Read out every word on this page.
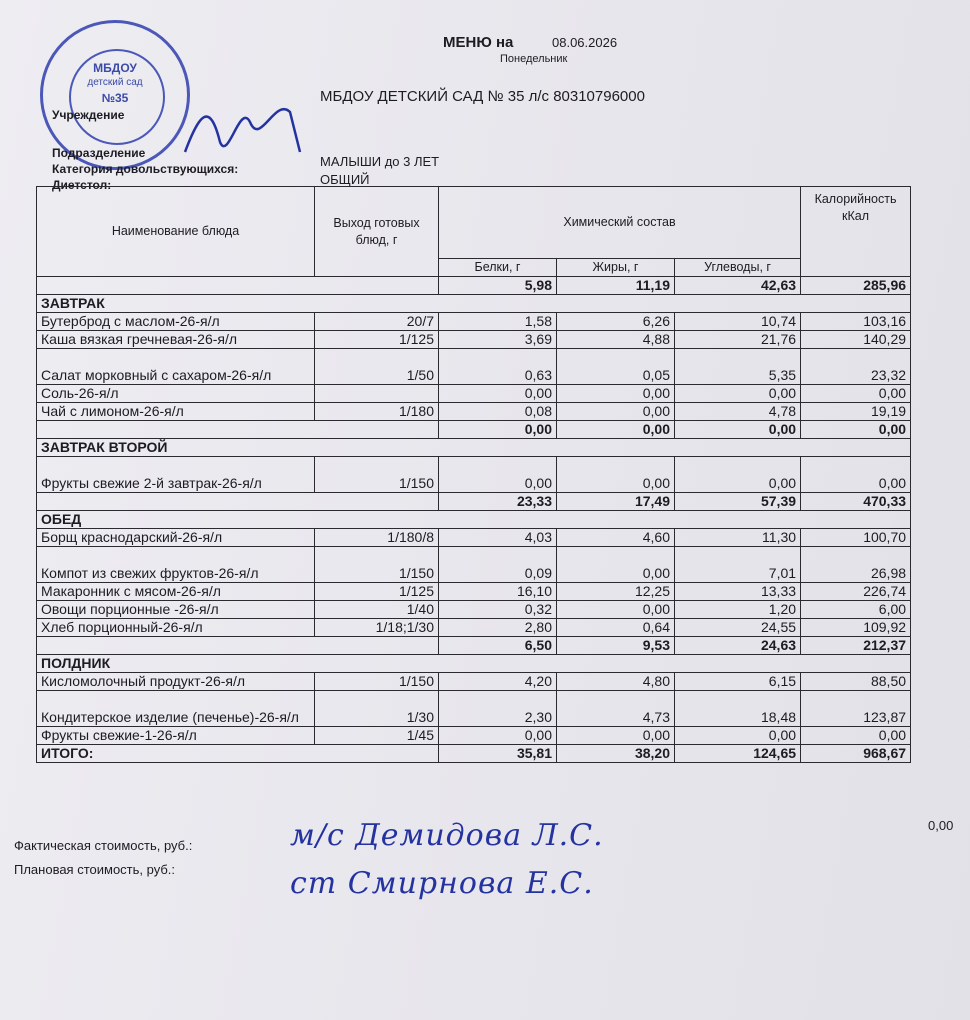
МБДОУ
детский сад
№35
МЕНЮ на	08.06.2026
Понедельник
Учреждение
МБДОУ ДЕТСКИЙ САД № 35 л/с 80310796000
Подразделение
Категория довольствующихся:	МАЛЫШИ до 3 ЛЕТ
Диетстол:	ОБЩИЙ
Наименование блюда	Выход готовых блюд, г	Химический состав			Калорийность кКал
		Белки, г	Жиры, г	Углеводы, г	
		5,98	11,19	42,63	285,96
ЗАВТРАК					
Бутерброд с маслом-26-я/л	20/7	1,58	6,26	10,74	103,16
Каша вязкая гречневая-26-я/л	1/125	3,69	4,88	21,76	140,29
Салат морковный с сахаром-26-я/л	1/50	0,63	0,05	5,35	23,32
Соль-26-я/л		0,00	0,00	0,00	0,00
Чай с лимоном-26-я/л	1/180	0,08	0,00	4,78	19,19
		0,00	0,00	0,00	0,00
ЗАВТРАК ВТОРОЙ					
Фрукты свежие 2-й завтрак-26-я/л	1/150	0,00	0,00	0,00	0,00
		23,33	17,49	57,39	470,33
ОБЕД					
Борщ краснодарский-26-я/л	1/180/8	4,03	4,60	11,30	100,70
Компот из свежих фруктов-26-я/л	1/150	0,09	0,00	7,01	26,98
Макаронник с мясом-26-я/л	1/125	16,10	12,25	13,33	226,74
Овощи порционные -26-я/л	1/40	0,32	0,00	1,20	6,00
Хлеб порционный-26-я/л	1/18;1/30	2,80	0,64	24,55	109,92
		6,50	9,53	24,63	212,37
ПОЛДНИК					
Кисломолочный продукт-26-я/л	1/150	4,20	4,80	6,15	88,50
Кондитерское изделие (печенье)-26-я/л	1/30	2,30	4,73	18,48	123,87
Фрукты свежие-1-26-я/л	1/45	0,00	0,00	0,00	0,00
ИТОГО:		35,81	38,20	124,65	968,67
Фактическая стоимость, руб.:
0,00
Плановая стоимость, руб.:
м/с Демидова Л.С.
ст Смирнова Е.С.
